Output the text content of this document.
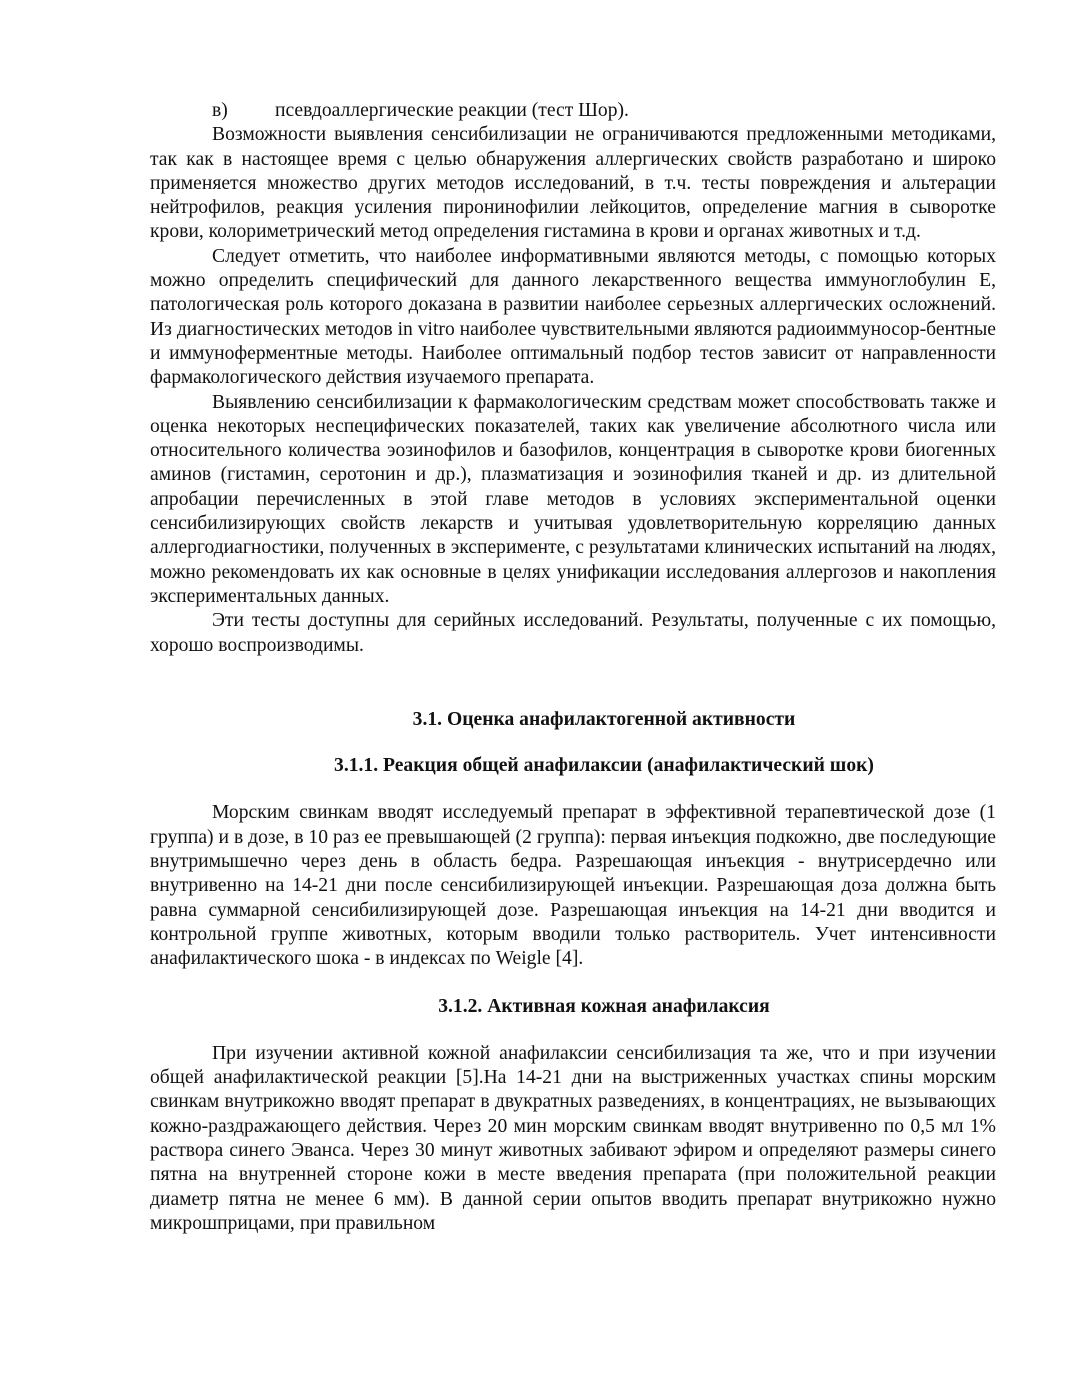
в)	псевдоаллергические реакции (тест Шор).

Возможности выявления сенсибилизации не ограничиваются предложенными методиками, так как в настоящее время с целью обнаружения аллергических свойств разработано и широко применяется множество других методов исследований, в т.ч. тесты повреждения и альтерации нейтрофилов, реакция усиления пиронинофилии лейкоцитов, определение магния в сыворотке крови, колориметрический метод определения гистамина в крови и органах животных и т.д.

Следует отметить, что наиболее информативными являются методы, с помощью которых можно определить специфический для данного лекарственного вещества иммуноглобулин Е, патологическая роль которого доказана в развитии наиболее серьезных аллергических осложнений. Из диагностических методов in vitro наиболее чувствительными являются радиоиммуносор-бентные и иммуноферментные методы. Наиболее оптимальный подбор тестов зависит от направленности фармакологического действия изучаемого препарата.

Выявлению сенсибилизации к фармакологическим средствам может способствовать также и оценка некоторых неспецифических показателей, таких как увеличение абсолютного числа или относительного количества эозинофилов и базофилов, концентрация в сыворотке крови биогенных аминов (гистамин, серотонин и др.), плазматизация и эозинофилия тканей и др. из длительной апробации перечисленных в этой главе методов в условиях экспериментальной оценки сенсибилизирующих свойств лекарств и учитывая удовлетворительную корреляцию данных аллергодиагностики, полученных в эксперименте, с результатами клинических испытаний на людях, можно рекомендовать их как основные в целях унификации исследования аллергозов и накопления экспериментальных данных.

Эти тесты доступны для серийных исследований. Результаты, полученные с их помощью, хорошо воспроизводимы.

3.1. Оценка анафилактогенной активности
3.1.1. Реакция общей анафилаксии (анафилактический шок)

Морским свинкам вводят исследуемый препарат в эффективной терапевтической дозе (1 группа) и в дозе, в 10 раз ее превышающей (2 группа): первая инъекция подкожно, две последующие внутримышечно через день в область бедра. Разрешающая инъекция - внутрисердечно или внутривенно на 14-21 дни после сенсибилизирующей инъекции. Разрешающая доза должна быть равна суммарной сенсибилизирующей дозе. Разрешающая инъекция на 14-21 дни вводится и контрольной группе животных, которым вводили только растворитель. Учет интенсивности анафилактического шока - в индексах по Weigle [4].

3.1.2. Активная кожная анафилаксия

При изучении активной кожной анафилаксии сенсибилизация та же, что и при изучении общей анафилактической реакции [5].На 14-21 дни на выстриженных участках спины морским свинкам внутрикожно вводят препарат в двукратных разведениях, в концентрациях, не вызывающих кожно-раздражающего действия. Через 20 мин морским свинкам вводят внутривенно по 0,5 мл 1% раствора синего Эванса. Через 30 минут животных забивают эфиром и определяют размеры синего пятна на внутренней стороне кожи в месте введения препарата (при положительной реакции диаметр пятна не менее 6 мм). В данной серии опытов вводить препарат внутрикожно нужно микрошприцами, при правильном
